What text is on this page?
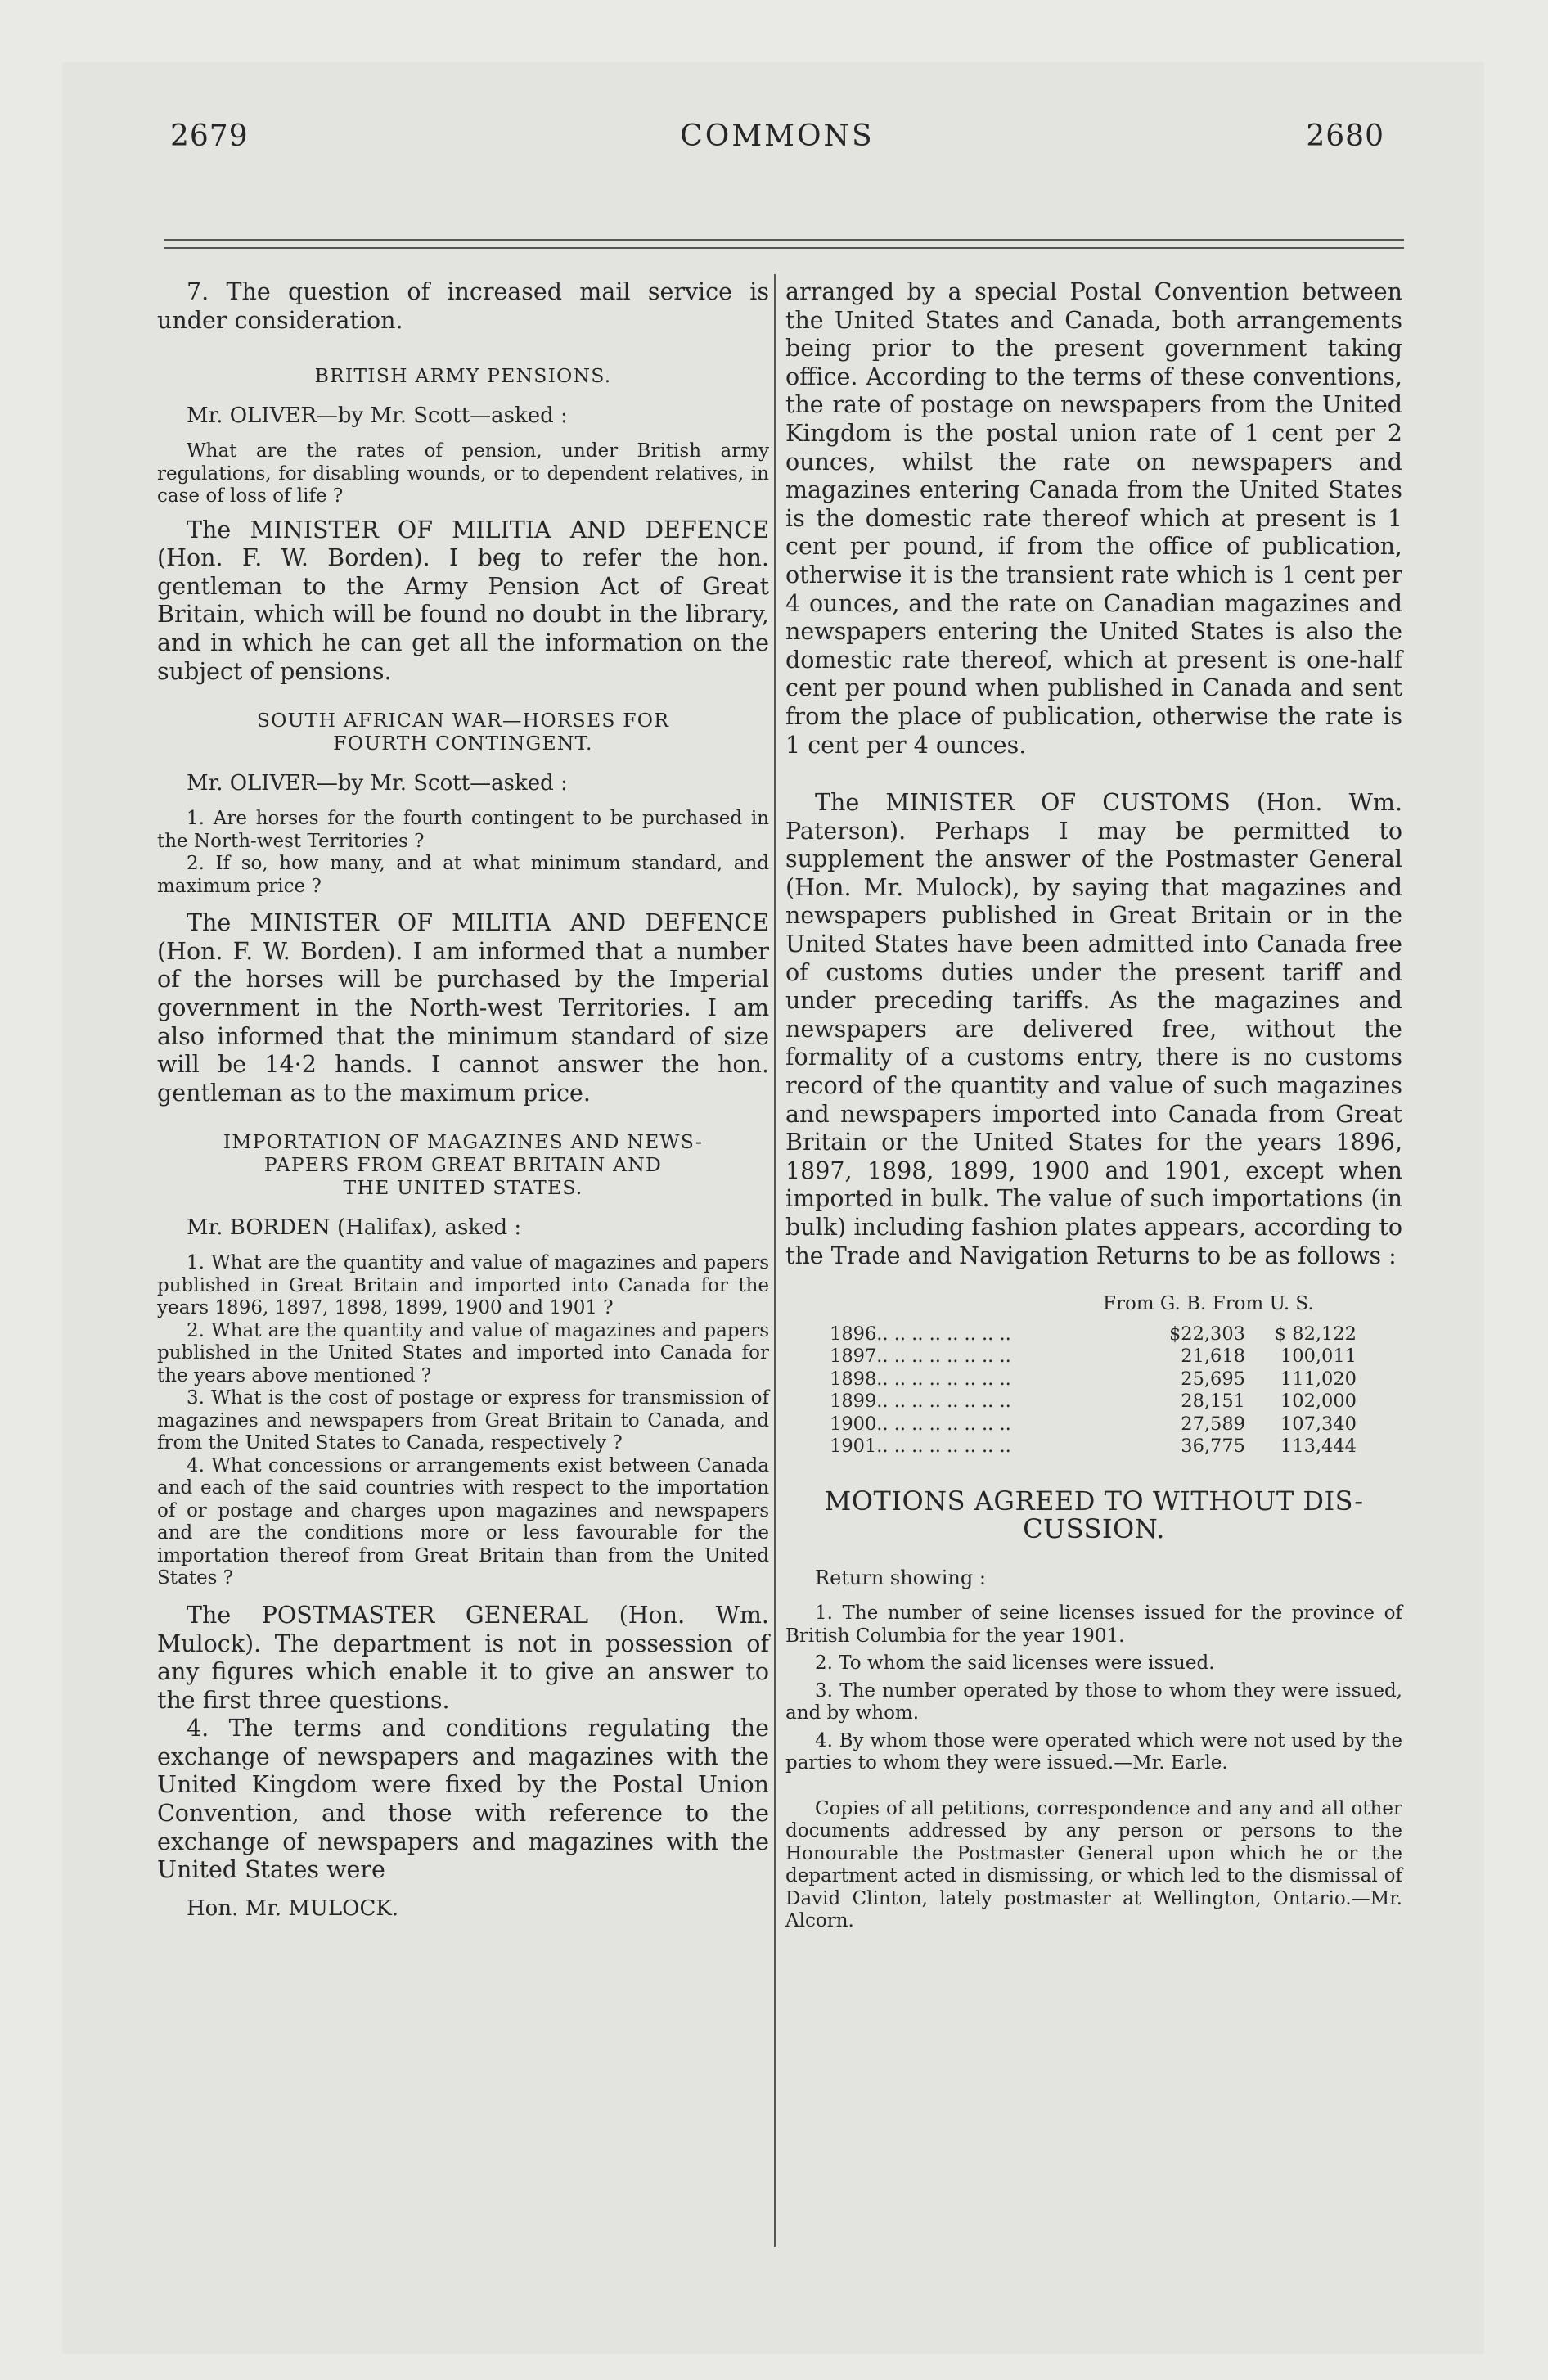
2679	COMMONS	2680

7. The question of increased mail service is under consideration.

BRITISH ARMY PENSIONS.

Mr. OLIVER—by Mr. Scott—asked :

What are the rates of pension, under British army regulations, for disabling wounds, or to dependent relatives, in case of loss of life ?

The MINISTER OF MILITIA AND DEFENCE (Hon. F. W. Borden). I beg to refer the hon. gentleman to the Army Pension Act of Great Britain, which will be found no doubt in the library, and in which he can get all the information on the subject of pensions.

SOUTH AFRICAN WAR—HORSES FOR

FOURTH CONTINGENT.

Mr. OLIVER—by Mr. Scott—asked :

1. Are horses for the fourth contingent to be purchased in the North-west Territories ?

2. If so, how many, and at what minimum standard, and maximum price ?

The MINISTER OF MILITIA AND DEFENCE (Hon. F. W. Borden). I am informed that a number of the horses will be purchased by the Imperial government in the North-west Territories. I am also informed that the minimum standard of size will be 14·2 hands. I cannot answer the hon. gentleman as to the maximum price.

IMPORTATION OF MAGAZINES AND NEWS-

PAPERS FROM GREAT BRITAIN AND

THE UNITED STATES.

Mr. BORDEN (Halifax), asked :

1. What are the quantity and value of magazines and papers published in Great Britain and imported into Canada for the years 1896, 1897, 1898, 1899, 1900 and 1901 ?

2. What are the quantity and value of magazines and papers published in the United States and imported into Canada for the years above mentioned ?

3. What is the cost of postage or express for transmission of magazines and newspapers from Great Britain to Canada, and from the United States to Canada, respectively ?

4. What concessions or arrangements exist between Canada and each of the said countries with respect to the importation of or postage and charges upon magazines and newspapers and are the conditions more or less favourable for the importation thereof from Great Britain than from the United States ?

The POSTMASTER GENERAL (Hon. Wm. Mulock). The department is not in possession of any figures which enable it to give an answer to the first three questions.

4. The terms and conditions regulating the exchange of newspapers and magazines with the United Kingdom were fixed by the Postal Union Convention, and those with reference to the exchange of newspapers and magazines with the United States were

Hon. Mr. MULOCK.

arranged by a special Postal Convention between the United States and Canada, both arrangements being prior to the present government taking office. According to the terms of these conventions, the rate of postage on newspapers from the United Kingdom is the postal union rate of 1 cent per 2 ounces, whilst the rate on newspapers and magazines entering Canada from the United States is the domestic rate thereof which at present is 1 cent per pound, if from the office of publication, otherwise it is the transient rate which is 1 cent per 4 ounces, and the rate on Canadian magazines and newspapers entering the United States is also the domestic rate thereof, which at present is one-half cent per pound when published in Canada and sent from the place of publication, otherwise the rate is 1 cent per 4 ounces.

The MINISTER OF CUSTOMS (Hon. Wm. Paterson). Perhaps I may be permitted to supplement the answer of the Postmaster General (Hon. Mr. Mulock), by saying that magazines and newspapers published in Great Britain or in the United States have been admitted into Canada free of customs duties under the present tariff and under preceding tariffs. As the magazines and newspapers are delivered free, without the formality of a customs entry, there is no customs record of the quantity and value of such magazines and newspapers imported into Canada from Great Britain or the United States for the years 1896, 1897, 1898, 1899, 1900 and 1901, except when imported in bulk. The value of such importations (in bulk) including fashion plates appears, according to the Trade and Navigation Returns to be as follows :

From G. B. From U. S.

1896.. .. .. .. .. .. .. ..	$22,303	$ 82,122
1897.. .. .. .. .. .. .. ..	21,618	100,011
1898.. .. .. .. .. .. .. ..	25,695	111,020
1899.. .. .. .. .. .. .. ..	28,151	102,000
1900.. .. .. .. .. .. .. ..	27,589	107,340
1901.. .. .. .. .. .. .. ..	36,775	113,444

MOTIONS AGREED TO WITHOUT DIS-

CUSSION.

Return showing :

1. The number of seine licenses issued for the province of British Columbia for the year 1901.

2. To whom the said licenses were issued.

3. The number operated by those to whom they were issued, and by whom.

4. By whom those were operated which were not used by the parties to whom they were issued.—Mr. Earle.

Copies of all petitions, correspondence and any and all other documents addressed by any person or persons to the Honourable the Postmaster General upon which he or the department acted in dismissing, or which led to the dismissal of David Clinton, lately postmaster at Wellington, Ontario.—Mr. Alcorn.
